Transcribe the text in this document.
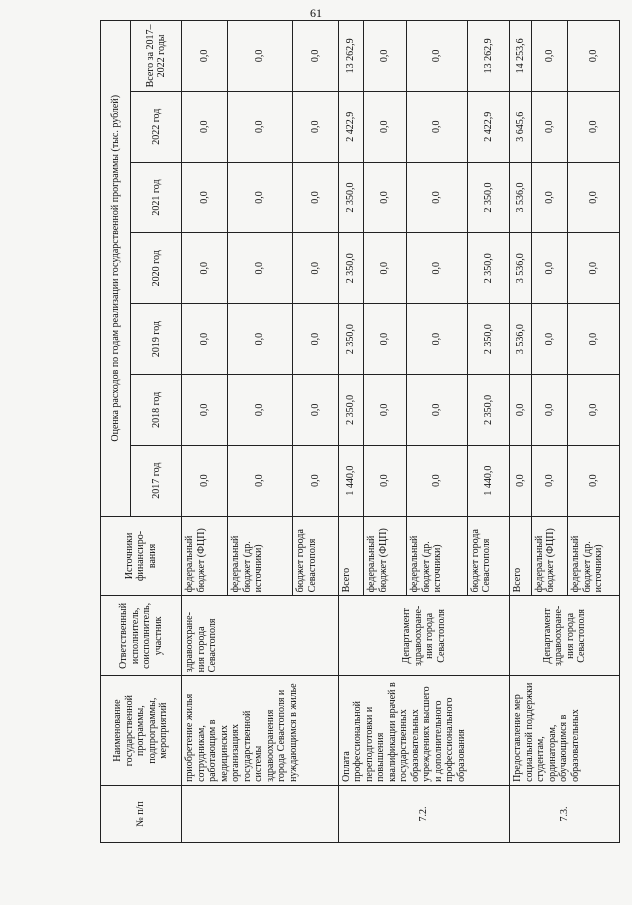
61
№ п/п	Наименование государственной программы, подпрограммы, мероприятий	Ответственный исполнитель, соисполнитель, участник	Источники финансиро-вания	Оценка расходов по годам реализации государственной программы (тыс. рублей)						
				2017 год	2018 год	2019 год	2020 год	2021 год	2022 год	Всего за 2017–2022 годы
	приобретение жилья сотрудникам, работающим в медицинских организациях государственной системы здравоохранения города Севастополя и нуждающимся в жилье	здравоохране-ния города Севастополя	федеральный бюджет (ФЦП)	0,0	0,0	0,0	0,0	0,0	0,0	0,0
			федеральный бюджет (др. источники)	0,0	0,0	0,0	0,0	0,0	0,0	0,0
			бюджет города Севастополя	0,0	0,0	0,0	0,0	0,0	0,0	0,0
7.2.	Оплата профессиональной переподготовки и повышения квалификации врачей в государственных образовательных учреждениях высшего и дополнительного профессионального образования	Департамент здравоохране-ния города Севастополя	Всего	1 440,0	2 350,0	2 350,0	2 350,0	2 350,0	2 422,9	13 262,9
			федеральный бюджет (ФЦП)	0,0	0,0	0,0	0,0	0,0	0,0	0,0
			федеральный бюджет (др. источники)	0,0	0,0	0,0	0,0	0,0	0,0	0,0
			бюджет города Севастополя	1 440,0	2 350,0	2 350,0	2 350,0	2 350,0	2 422,9	13 262,9
7.3.	Предоставление мер социальной поддержки студентам, ординаторам, обучающимся в образовательных	Департамент здравоохране-ния города Севастополя	Всего	0,0	0,0	3 536,0	3 536,0	3 536,0	3 645,6	14 253,6
			федеральный бюджет (ФЦП)	0,0	0,0	0,0	0,0	0,0	0,0	0,0
			федеральный бюджет (др. источники)	0,0	0,0	0,0	0,0	0,0	0,0	0,0
